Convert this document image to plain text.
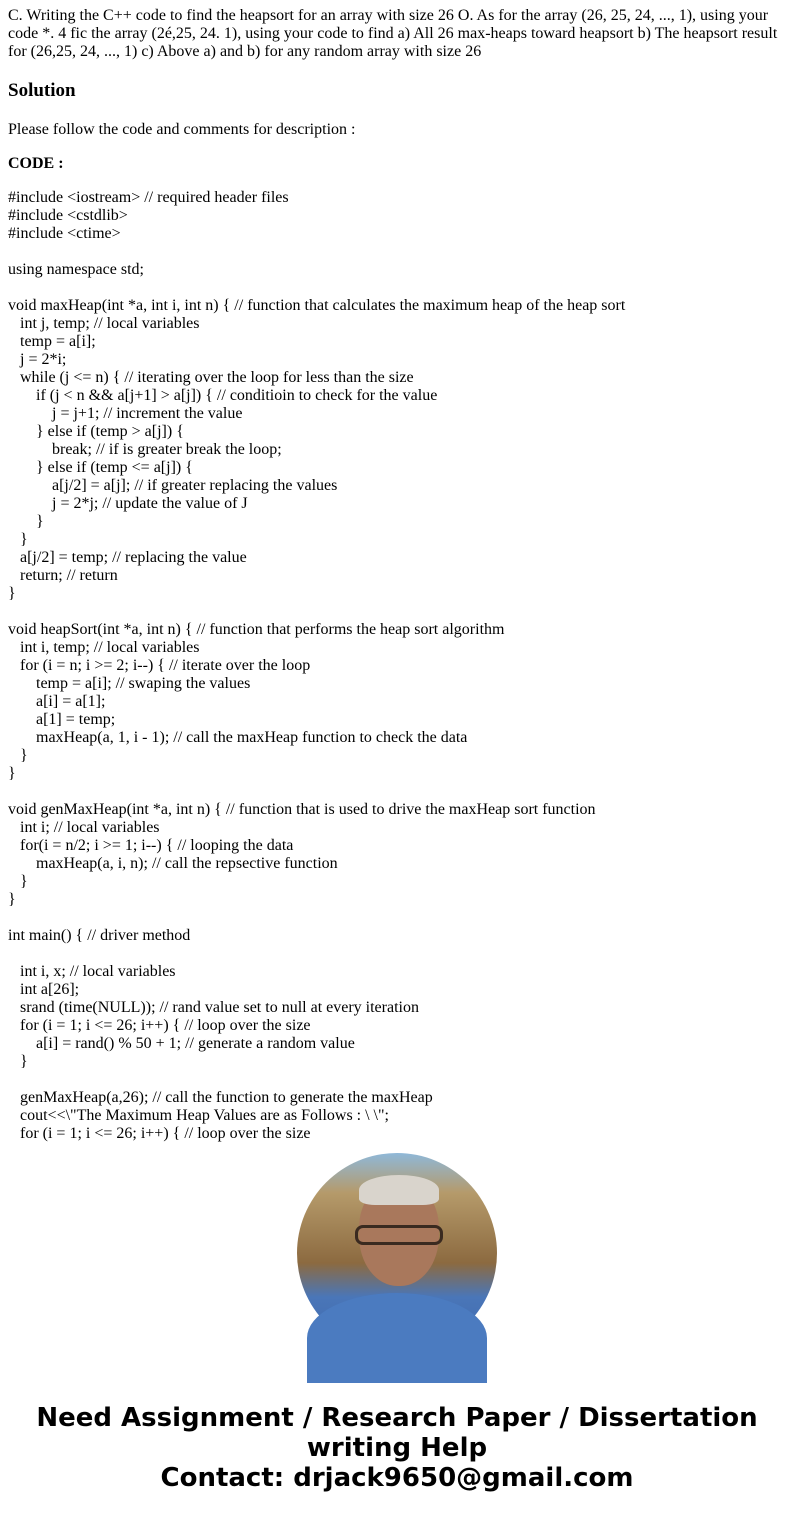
C. Writing the C++ code to find the heapsort for an array with size 26 O. As for the array (26, 25, 24, ..., 1), using your code *. 4 fic the array (2é,25, 24. 1), using your code to find a) All 26 max-heaps toward heapsort b) The heapsort result for (26,25, 24, ..., 1) c) Above a) and b) for any random array with size 26
Solution
Please follow the code and comments for description :
CODE :
#include <iostream> // required header files
#include <cstdlib>
#include <ctime>
using namespace std;
void maxHeap(int *a, int i, int n) { // function that calculates the maximum heap of the heap sort
int j, temp; // local variables
temp = a[i];
j = 2*i;
while (j <= n) { // iterating over the loop for less than the size
if (j < n && a[j+1] > a[j]) { // conditioin to check for the value
j = j+1; // increment the value
} else if (temp > a[j]) {
break; // if is greater break the loop;
} else if (temp <= a[j]) {
a[j/2] = a[j]; // if greater replacing the values
j = 2*j; // update the value of J
}
}
a[j/2] = temp; // replacing the value
return; // return
}
void heapSort(int *a, int n) { // function that performs the heap sort algorithm
int i, temp; // local variables
for (i = n; i >= 2; i--) { // iterate over the loop
temp = a[i]; // swaping the values
a[i] = a[1];
a[1] = temp;
maxHeap(a, 1, i - 1); // call the maxHeap function to check the data
}
}
void genMaxHeap(int *a, int n) { // function that is used to drive the maxHeap sort function
int i; // local variables
for(i = n/2; i >= 1; i--) { // looping the data
maxHeap(a, i, n); // call the repsective function
}
}
int main() { // driver method
int i, x; // local variables
int a[26];
srand (time(NULL)); // rand value set to null at every iteration
for (i = 1; i <= 26; i++) { // loop over the size
a[i] = rand() % 50 + 1; // generate a random value
}
genMaxHeap(a,26); // call the function to generate the maxHeap
cout<<\"The Maximum Heap Values are as Follows : \ \";
for (i = 1; i <= 26; i++) { // loop over the size
Need Assignment / Research Paper / Dissertation
writing Help
Contact: drjack9650@gmail.com
